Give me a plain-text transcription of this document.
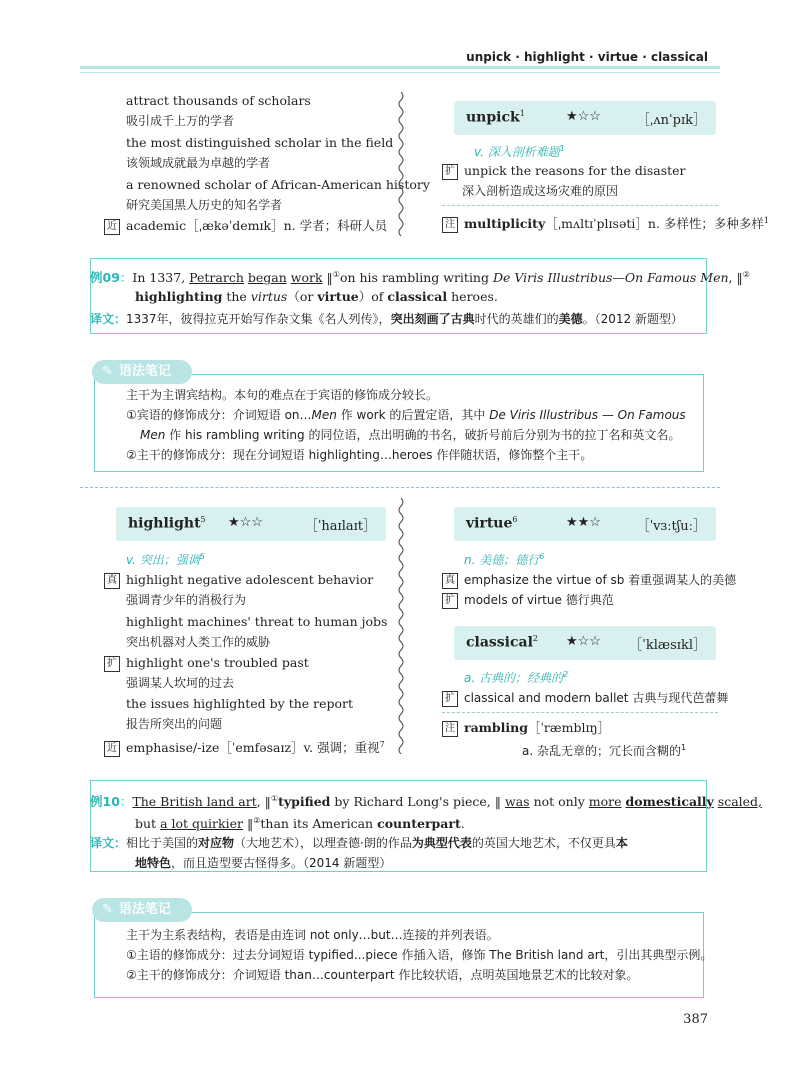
unpick · highlight · virtue · classical
attract thousands of scholars
吸引成千上万的学者
the most distinguished scholar in the field
该领域成就最为卓越的学者
a renowned scholar of African-American history
研究美国黑人历史的知名学者
近 academic［ˌækəˈdemɪk］n. 学者；科研人员
unpick$^1$	★☆☆	［ˌʌnˈpɪk］
v. 深入剖析难题$^1$
扩 unpick the reasons for the disaster
深入剖析造成这场灾难的原因
注 multiplicity［ˌmʌltɪˈplɪsəti］n. 多样性；多种多样$^1$
例09：In 1337, Petrarch began work ‖①on his rambling writing De Viris Illustribus—On Famous Men, ‖②
highlighting the virtus（or virtue）of classical heroes.
译文：1337年，彼得拉克开始写作杂文集《名人列传》，突出刻画了古典时代的英雄们的美德。（2012 新题型）
✎ 语法笔记
主干为主谓宾结构。本句的难点在于宾语的修饰成分较长。
①宾语的修饰成分：介词短语 on…Men 作 work 的后置定语，其中 De Viris Illustribus — On Famous
Men 作 his rambling writing 的同位语，点出明确的书名，破折号前后分别为书的拉丁名和英文名。
②主干的修饰成分：现在分词短语 highlighting…heroes 作伴随状语，修饰整个主干。
highlight$^5$ ★☆☆	［ˈhaɪlaɪt］
v. 突出；强调$^5$
真 highlight negative adolescent behavior
强调青少年的消极行为
highlight machines' threat to human jobs
突出机器对人类工作的威胁
扩 highlight one's troubled past
强调某人坎坷的过去
the issues highlighted by the report
报告所突出的问题
近 emphasise/-ize［ˈemfəsaɪz］v. 强调；重视$^7$
virtue$^6$	★★☆	［ˈvɜːtʃuː］
n. 美德；德行$^6$
真 emphasize the virtue of sb 着重强调某人的美德
扩 models of virtue 德行典范
classical$^2$ ★☆☆ ［ˈklæsɪkl］
a. 古典的；经典的$^2$
扩 classical and modern ballet 古典与现代芭蕾舞
注 rambling［ˈræmblɪŋ］
a. 杂乱无章的；冗长而含糊的$^1$
例10：The British land art, ‖①typified by Richard Long's piece, ‖ was not only more domestically scaled,
but a lot quirkier ‖②than its American counterpart.
译文：相比于美国的对应物（大地艺术），以理查德·朗的作品为典型代表的英国大地艺术，不仅更具本
地特色，而且造型要古怪得多。（2014 新题型）
✎ 语法笔记
主干为主系表结构，表语是由连词 not only…but…连接的并列表语。
①主语的修饰成分：过去分词短语 typified...piece 作插入语，修饰 The British land art，引出其典型示例。
②主干的修饰成分：介词短语 than…counterpart 作比较状语，点明英国地景艺术的比较对象。
387
